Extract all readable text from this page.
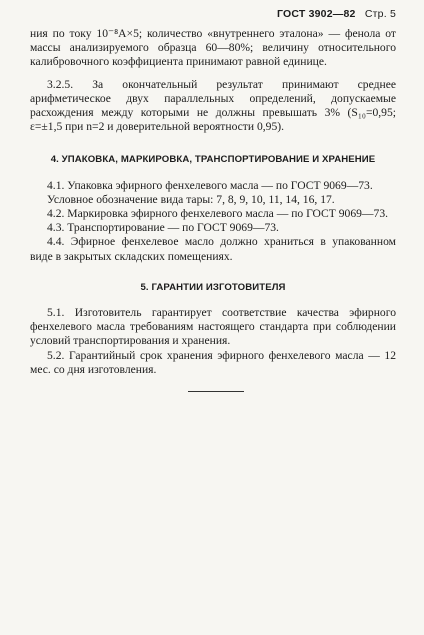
ГОСТ 3902—82 Стр. 5

ния по току 10⁻⁸А×5; количество «внутреннего эталона» — фенола от массы анализируемого образца 60—80%; величину относительного калибровочного коэффициента принимают равной единице.

3.2.5. За окончательный результат принимают среднее арифметическое двух параллельных определений, допускаемые расхождения между которыми не должны превышать 3% (S₁₀=0,95; ε=±1,5 при n=2 и доверительной вероятности 0,95).

4. УПАКОВКА, МАРКИРОВКА, ТРАНСПОРТИРОВАНИЕ И ХРАНЕНИЕ

4.1. Упаковка эфирного фенхелевого масла — по ГОСТ 9069—73.

Условное обозначение вида тары: 7, 8, 9, 10, 11, 14, 16, 17.

4.2. Маркировка эфирного фенхелевого масла — по ГОСТ 9069—73.

4.3. Транспортирование — по ГОСТ 9069—73.

4.4. Эфирное фенхелевое масло должно храниться в упакованном виде в закрытых складских помещениях.

5. ГАРАНТИИ ИЗГОТОВИТЕЛЯ

5.1. Изготовитель гарантирует соответствие качества эфирного фенхелевого масла требованиям настоящего стандарта при соблюдении условий транспортирования и хранения.

5.2. Гарантийный срок хранения эфирного фенхелевого масла — 12 мес. со дня изготовления.
